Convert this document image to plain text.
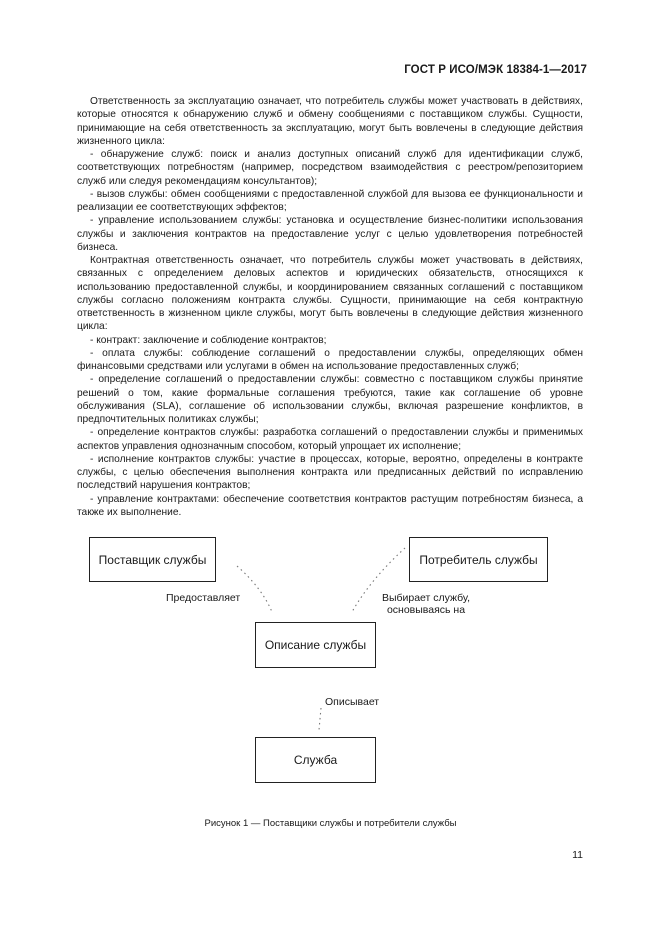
ГОСТ Р ИСО/МЭК 18384-1—2017

Ответственность за эксплуатацию означает, что потребитель службы может участвовать в действиях, которые относятся к обнаружению служб и обмену сообщениями с поставщиком службы. Сущности, принимающие на себя ответственность за эксплуатацию, могут быть вовлечены в следующие действия жизненного цикла:

- обнаружение служб: поиск и анализ доступных описаний служб для идентификации служб, соответствующих потребностям (например, посредством взаимодействия с реестром/репозиторием служб или следуя рекомендациям консультантов);

- вызов службы: обмен сообщениями с предоставленной службой для вызова ее функциональности и реализации ее соответствующих эффектов;

- управление использованием службы: установка и осуществление бизнес-политики использования службы и заключения контрактов на предоставление услуг с целью удовлетворения потребностей бизнеса.

Контрактная ответственность означает, что потребитель службы может участвовать в действиях, связанных с определением деловых аспектов и юридических обязательств, относящихся к использованию предоставленной службы, и координированием связанных соглашений с поставщиком службы согласно положениям контракта службы. Сущности, принимающие на себя контрактную ответственность в жизненном цикле службы, могут быть вовлечены в следующие действия жизненного цикла:

- контракт: заключение и соблюдение контрактов;

- оплата службы: соблюдение соглашений о предоставлении службы, определяющих обмен финансовыми средствами или услугами в обмен на использование предоставленных служб;

- определение соглашений о предоставлении службы: совместно с поставщиком службы принятие решений о том, какие формальные соглашения требуются, такие как соглашение об уровне обслуживания (SLA), соглашение об использовании службы, включая разрешение конфликтов, в предпочтительных политиках службы;

- определение контрактов службы: разработка соглашений о предоставлении службы и применимых аспектов управления однозначным способом, который упрощает их исполнение;

- исполнение контрактов службы: участие в процессах, которые, вероятно, определены в контракте службы, с целью обеспечения выполнения контракта или предписанных действий по исправлению последствий нарушения контрактов;

- управление контрактами: обеспечение соответствия контрактов растущим потребностям бизнеса, а также их выполнение.

Поставщик службы	Потребитель службы
Описание службы
Служба
Предоставляет	Выбирает службу, основываясь на
Описывает
Рисунок 1 — Поставщики службы и потребители службы
11
